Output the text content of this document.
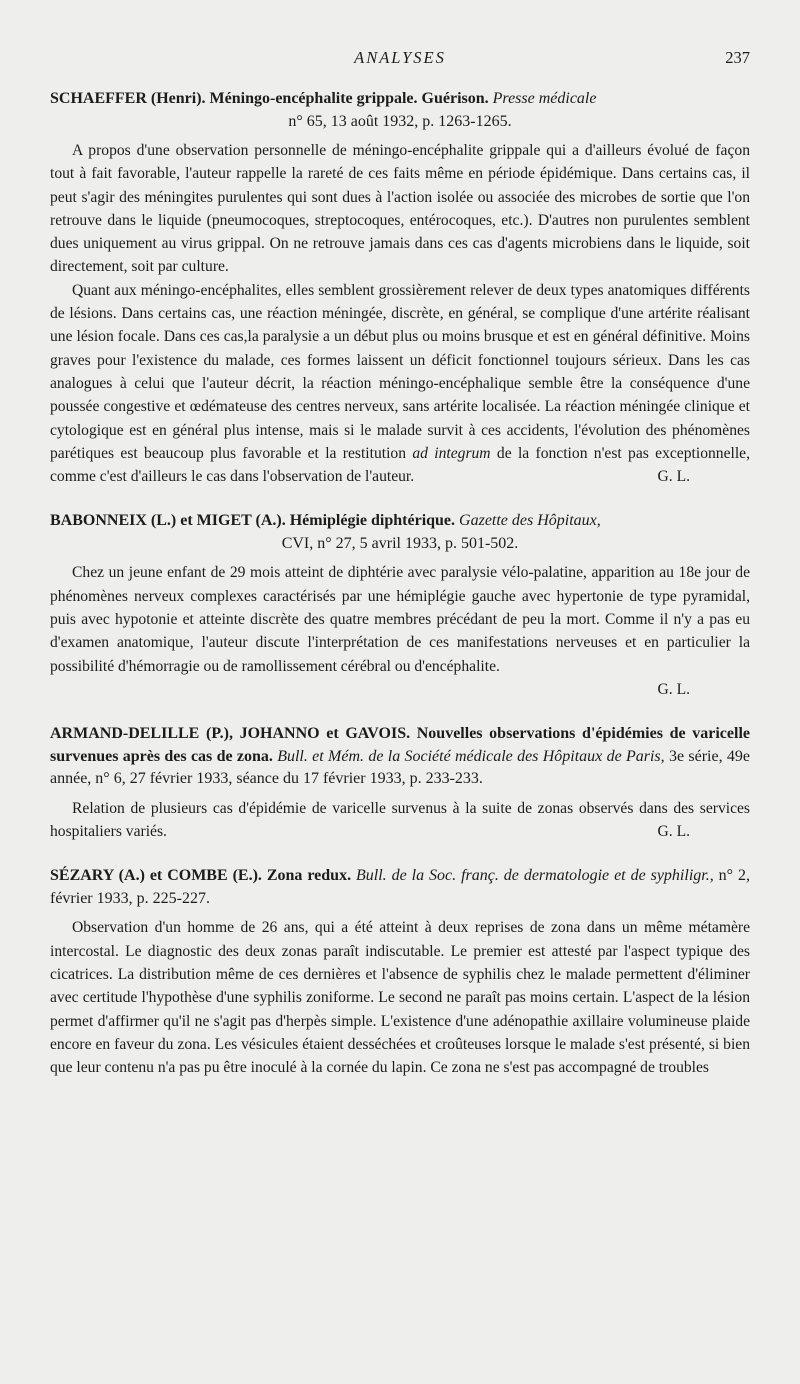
ANALYSES	237

SCHAEFFER (Henri). Méningo-encéphalite grippale. Guérison. Presse médicale
n° 65, 13 août 1932, p. 1263-1265.

A propos d'une observation personnelle de méningo-encéphalite grippale qui a d'ailleurs évolué de façon tout à fait favorable, l'auteur rappelle la rareté de ces faits même en période épidémique. Dans certains cas, il peut s'agir des méningites purulentes qui sont dues à l'action isolée ou associée des microbes de sortie que l'on retrouve dans le liquide (pneumocoques, streptocoques, entérocoques, etc.). D'autres non purulentes semblent dues uniquement au virus grippal. On ne retrouve jamais dans ces cas d'agents microbiens dans le liquide, soit directement, soit par culture.

Quant aux méningo-encéphalites, elles semblent grossièrement relever de deux types anatomiques différents de lésions. Dans certains cas, une réaction méningée, discrète, en général, se complique d'une artérite réalisant une lésion focale. Dans ces cas,la paralysie a un début plus ou moins brusque et est en général définitive. Moins graves pour l'existence du malade, ces formes laissent un déficit fonctionnel toujours sérieux. Dans les cas analogues à celui que l'auteur décrit, la réaction méningo-encéphalique semble être la conséquence d'une poussée congestive et œdémateuse des centres nerveux, sans artérite localisée. La réaction méningée clinique et cytologique est en général plus intense, mais si le malade survit à ces accidents, l'évolution des phénomènes parétiques est beaucoup plus favorable et la restitution ad integrum de la fonction n'est pas exceptionnelle, comme c'est d'ailleurs le cas dans l'observation de l'auteur.	G. L.

BABONNEIX (L.) et MIGET (A.). Hémiplégie diphtérique. Gazette des Hôpitaux,
CVI, n° 27, 5 avril 1933, p. 501-502.

Chez un jeune enfant de 29 mois atteint de diphtérie avec paralysie vélo-palatine, apparition au 18e jour de phénomènes nerveux complexes caractérisés par une hémiplégie gauche avec hypertonie de type pyramidal, puis avec hypotonie et atteinte discrète des quatre membres précédant de peu la mort. Comme il n'y a pas eu d'examen anatomique, l'auteur discute l'interprétation de ces manifestations nerveuses et en particulier la possibilité d'hémorragie ou de ramollissement cérébral ou d'encéphalite.

G. L.

ARMAND-DELILLE (P.), JOHANNO et GAVOIS. Nouvelles observations d'épidémies de varicelle survenues après des cas de zona. Bull. et Mém. de la Société médicale des Hôpitaux de Paris, 3e série, 49e année, n° 6, 27 février 1933, séance du 17 février 1933, p. 233-233.

Relation de plusieurs cas d'épidémie de varicelle survenus à la suite de zonas observés dans des services hospitaliers variés.	G. L.

SÉZARY (A.) et COMBE (E.). Zona redux. Bull. de la Soc. franç. de dermatologie et de syphiligr., n° 2, février 1933, p. 225-227.

Observation d'un homme de 26 ans, qui a été atteint à deux reprises de zona dans un même métamère intercostal. Le diagnostic des deux zonas paraît indiscutable. Le premier est attesté par l'aspect typique des cicatrices. La distribution même de ces dernières et l'absence de syphilis chez le malade permettent d'éliminer avec certitude l'hypothèse d'une syphilis zoniforme. Le second ne paraît pas moins certain. L'aspect de la lésion permet d'affirmer qu'il ne s'agit pas d'herpès simple. L'existence d'une adénopathie axillaire volumineuse plaide encore en faveur du zona. Les vésicules étaient desséchées et croûteuses lorsque le malade s'est présenté, si bien que leur contenu n'a pas pu être inoculé à la cornée du lapin. Ce zona ne s'est pas accompagné de troubles
